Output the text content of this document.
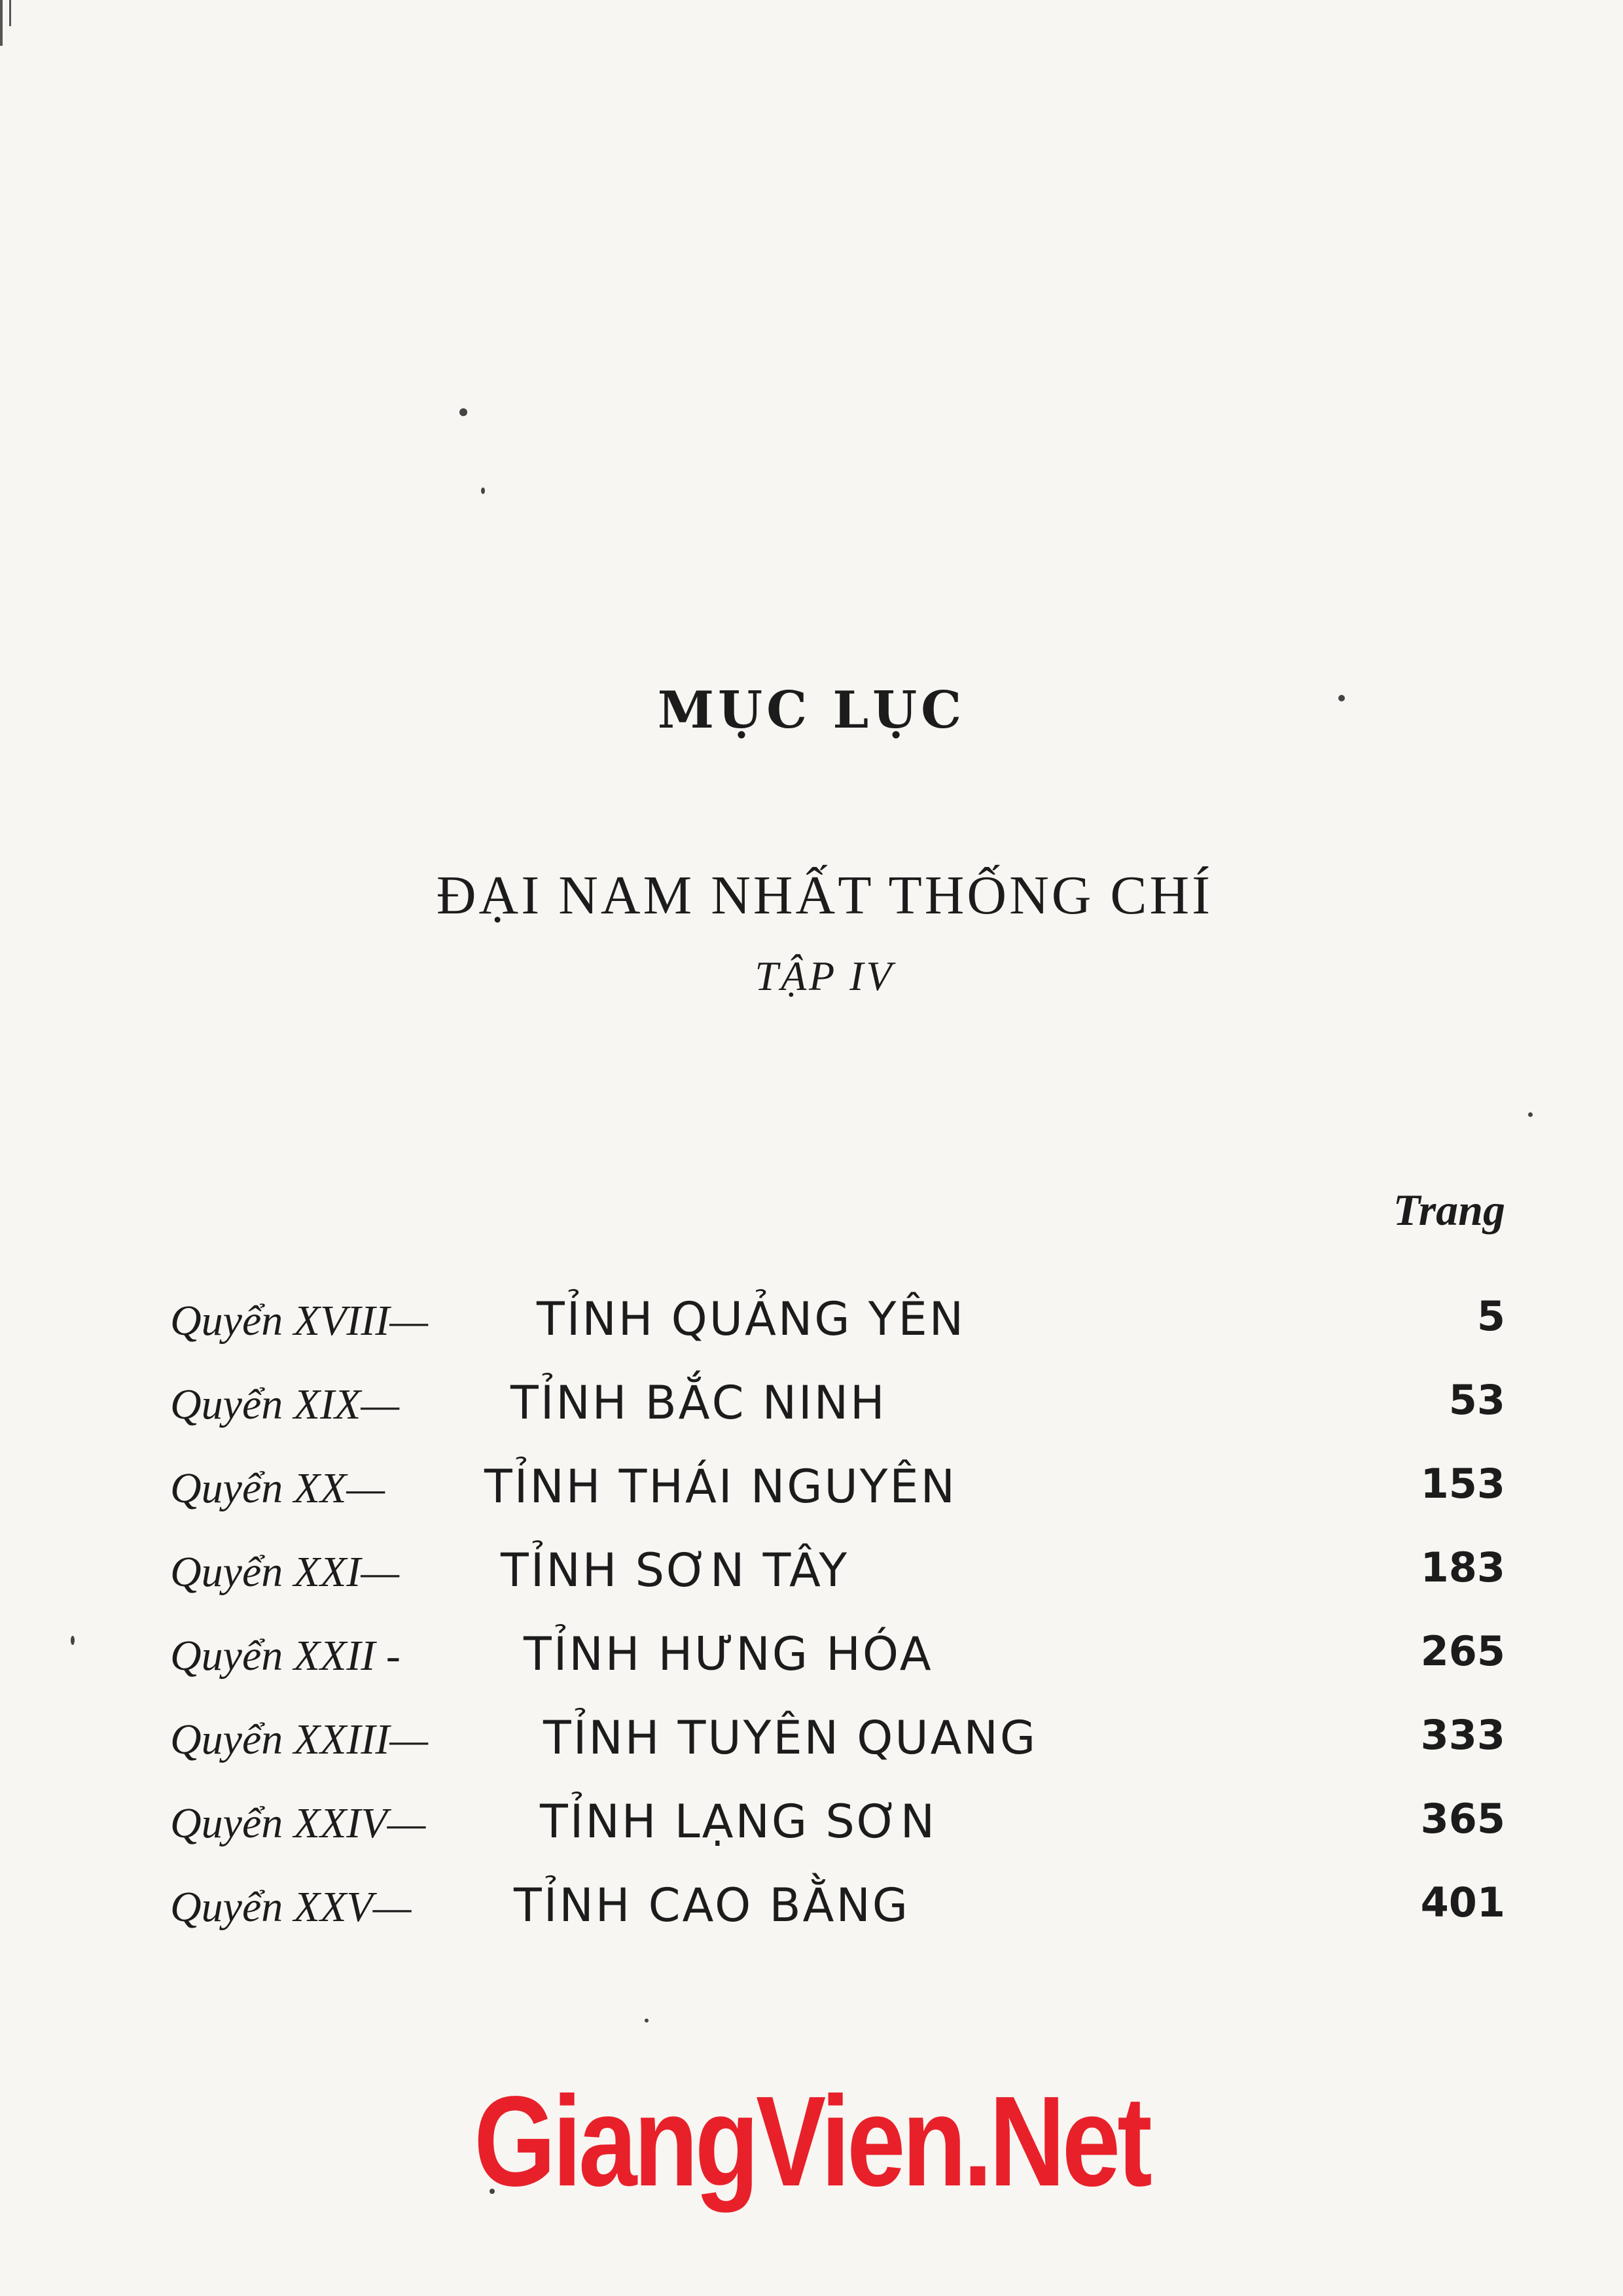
MỤC LỤC
ĐẠI NAM NHẤT THỐNG CHÍ
TẬP IV
Trang
Quyển XVIII—	TỈNH QUẢNG YÊN	5
Quyển XIX—	TỈNH BẮC NINH	53
Quyển XX—	TỈNH THÁI NGUYÊN	153
Quyển XXI—	TỈNH SƠN TÂY	183
Quyển XXII -	TỈNH HƯNG HÓA	265
Quyển XXIII—	TỈNH TUYÊN QUANG	333
Quyển XXIV—	TỈNH LẠNG SƠN	365
Quyển XXV—	TỈNH CAO BẰNG	401
GiangVien.Net
